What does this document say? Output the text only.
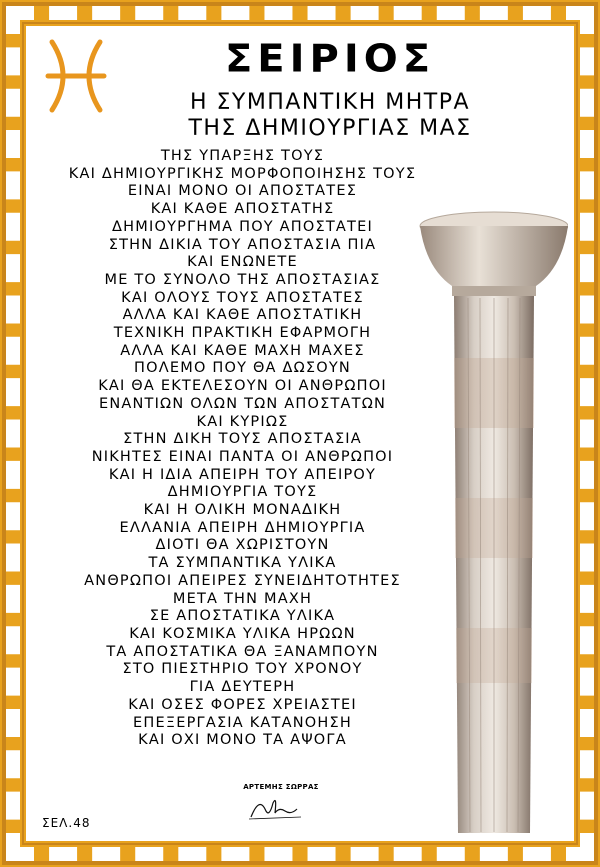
ΣΕΙΡΙΟΣ
Η ΣΥΜΠΑΝΤΙΚΗ ΜΗΤΡΑ
ΤΗΣ ΔΗΜΙΟΥΡΓΙΑΣ ΜΑΣ
ΤΗΣ ΥΠΑΡΞΗΣ ΤΟΥΣ
ΚΑΙ ΔΗΜΙΟΥΡΓΙΚΗΣ ΜΟΡΦΟΠΟΙΗΣΗΣ ΤΟΥΣ
ΕΙΝΑΙ ΜΟΝΟ ΟΙ ΑΠΟΣΤΑΤΕΣ
ΚΑΙ ΚΑΘΕ ΑΠΟΣΤΑΤΗΣ
ΔΗΜΙΟΥΡΓΗΜΑ ΠΟΥ ΑΠΟΣΤΑΤΕΙ
ΣΤΗΝ ΔΙΚΙΑ ΤΟΥ ΑΠΟΣΤΑΣΙΑ ΠΙΑ
ΚΑΙ ΕΝΩΝΕΤΕ
ΜΕ ΤΟ ΣΥΝΟΛΟ ΤΗΣ ΑΠΟΣΤΑΣΙΑΣ
ΚΑΙ ΟΛΟΥΣ ΤΟΥΣ ΑΠΟΣΤΑΤΕΣ
ΑΛΛΑ ΚΑΙ ΚΑΘΕ ΑΠΟΣΤΑΤΙΚΗ
ΤΕΧΝΙΚΗ ΠΡΑΚΤΙΚΗ ΕΦΑΡΜΟΓΗ
ΑΛΛΑ ΚΑΙ ΚΑΘΕ ΜΑΧΗ ΜΑΧΕΣ
ΠΟΛΕΜΟ ΠΟΥ ΘΑ ΔΩΣΟΥΝ
ΚΑΙ ΘΑ ΕΚΤΕΛΕΣΟΥΝ ΟΙ ΑΝΘΡΩΠΟΙ
ΕΝΑΝΤΙΩΝ ΟΛΩΝ ΤΩΝ ΑΠΟΣΤΑΤΩΝ
ΚΑΙ ΚΥΡΙΩΣ
ΣΤΗΝ ΔΙΚΗ ΤΟΥΣ ΑΠΟΣΤΑΣΙΑ
ΝΙΚΗΤΕΣ ΕΙΝΑΙ ΠΑΝΤΑ ΟΙ ΑΝΘΡΩΠΟΙ
ΚΑΙ Η ΙΔΙΑ ΑΠΕΙΡΗ ΤΟΥ ΑΠΕΙΡΟΥ
ΔΗΜΙΟΥΡΓΙΑ ΤΟΥΣ
ΚΑΙ Η ΟΛΙΚΗ ΜΟΝΑΔΙΚΗ
ΕΛΛΑΝΙΑ ΑΠΕΙΡΗ ΔΗΜΙΟΥΡΓΙΑ
ΔΙΟΤΙ ΘΑ ΧΩΡΙΣΤΟΥΝ
ΤΑ ΣΥΜΠΑΝΤΙΚΑ ΥΛΙΚΑ
ΑΝΘΡΩΠΟΙ ΑΠΕΙΡΕΣ ΣΥΝΕΙΔΗΤΟΤΗΤΕΣ
ΜΕΤΑ ΤΗΝ ΜΑΧΗ
ΣΕ ΑΠΟΣΤΑΤΙΚΑ ΥΛΙΚΑ
ΚΑΙ ΚΟΣΜΙΚΑ ΥΛΙΚΑ ΗΡΩΩΝ
ΤΑ ΑΠΟΣΤΑΤΙΚΑ ΘΑ ΞΑΝΑΜΠΟΥΝ
ΣΤΟ ΠΙΕΣΤΗΡΙΟ ΤΟΥ ΧΡΟΝΟΥ
ΓΙΑ ΔΕΥΤΕΡΗ
ΚΑΙ ΟΣΕΣ ΦΟΡΕΣ ΧΡΕΙΑΣΤΕΙ
ΕΠΕΞΕΡΓΑΣΙΑ ΚΑΤΑΝΟΗΣΗ
ΚΑΙ ΟΧΙ ΜΟΝΟ ΤΑ ΑΨΟΓΑ
ΑΡΤΕΜΗΣ ΣΩΡΡΑΣ
ΣΕΛ.48
